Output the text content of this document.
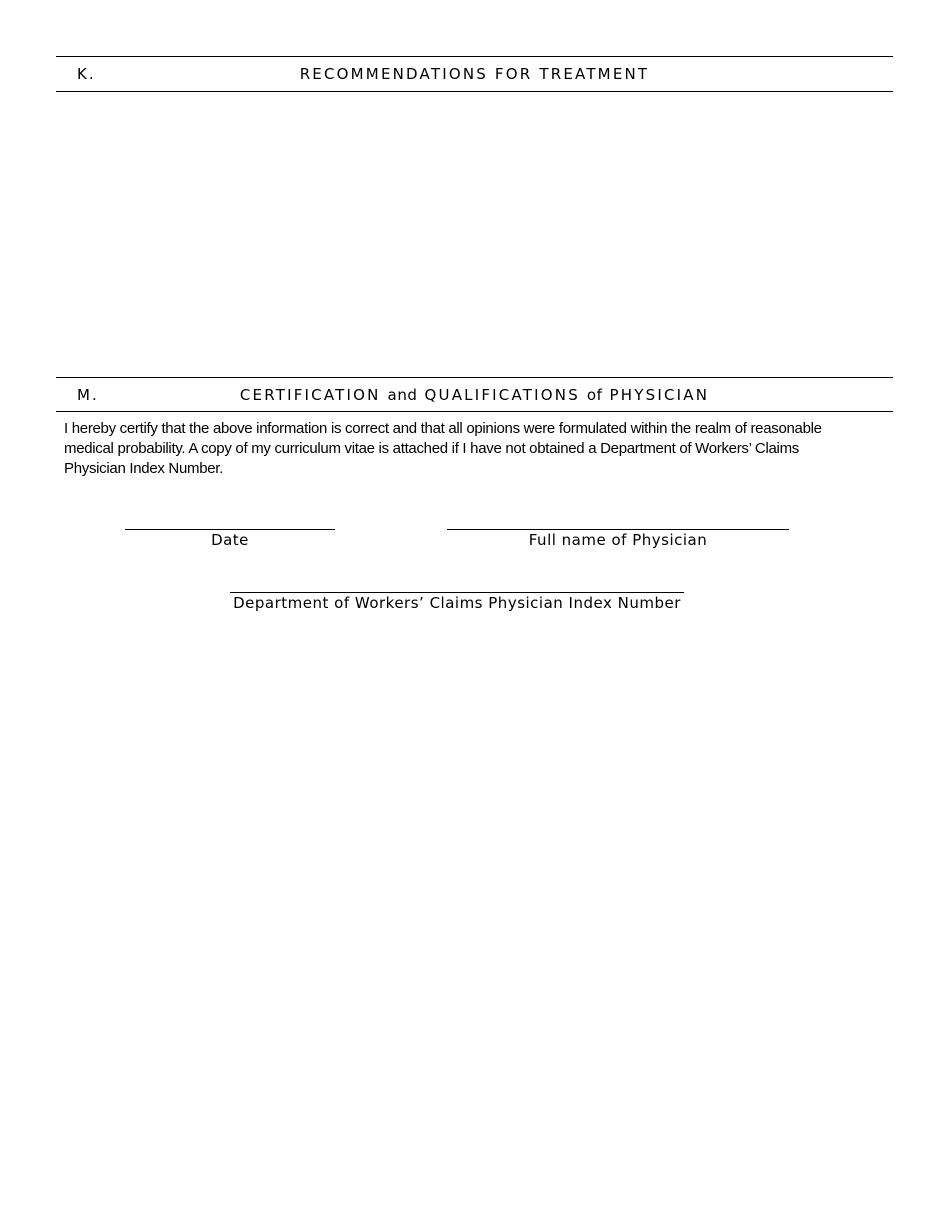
K.	RECOMMENDATIONS FOR TREATMENT
M.	CERTIFICATION and QUALIFICATIONS of PHYSICIAN
I hereby certify that the above information is correct and that all opinions were formulated within the realm of reasonable medical probability. A copy of my curriculum vitae is attached if I have not obtained a Department of Workers’ Claims Physician Index Number.
Date	Full name of Physician
Department of Workers’ Claims Physician Index Number
